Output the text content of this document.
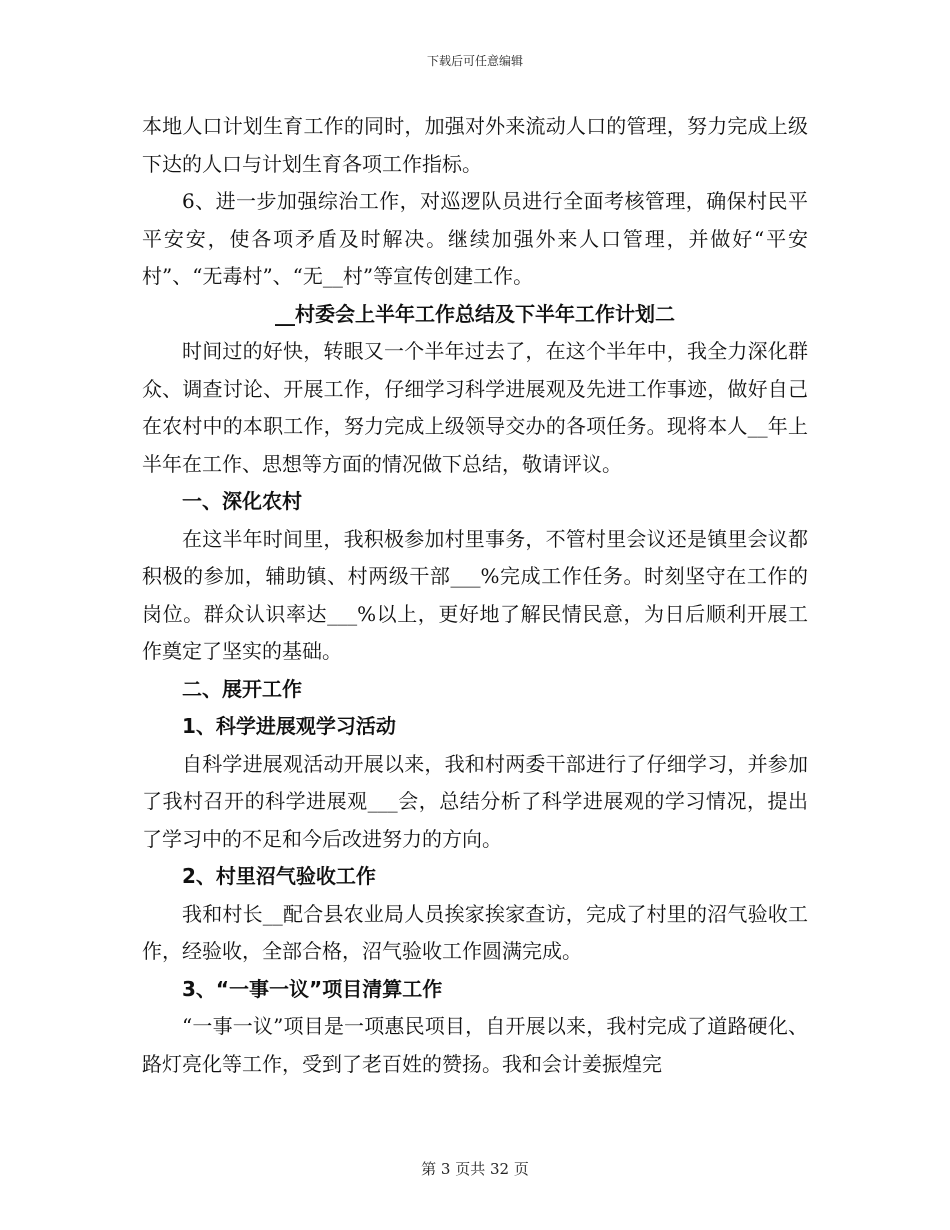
下载后可任意编辑

本地人口计划生育工作的同时，加强对外来流动人口的管理，努力完成上级下达的人口与计划生育各项工作指标。

6、进一步加强综治工作，对巡逻队员进行全面考核管理，确保村民平平安安，使各项矛盾及时解决。继续加强外来人口管理，并做好“平安村”、“无毒村”、“无__村”等宣传创建工作。

__村委会上半年工作总结及下半年工作计划二

时间过的好快，转眼又一个半年过去了，在这个半年中，我全力深化群众、调查讨论、开展工作，仔细学习科学进展观及先进工作事迹，做好自己在农村中的本职工作，努力完成上级领导交办的各项任务。现将本人__年上半年在工作、思想等方面的情况做下总结，敬请评议。

一、深化农村

在这半年时间里，我积极参加村里事务，不管村里会议还是镇里会议都积极的参加，辅助镇、村两级干部___%完成工作任务。时刻坚守在工作的岗位。群众认识率达___%以上，更好地了解民情民意，为日后顺利开展工作奠定了坚实的基础。

二、展开工作

1、科学进展观学习活动

自科学进展观活动开展以来，我和村两委干部进行了仔细学习，并参加了我村召开的科学进展观___会，总结分析了科学进展观的学习情况，提出了学习中的不足和今后改进努力的方向。

2、村里沼气验收工作

我和村长__配合县农业局人员挨家挨家查访，完成了村里的沼气验收工作，经验收，全部合格，沼气验收工作圆满完成。

3、“一事一议”项目清算工作

“一事一议”项目是一项惠民项目，自开展以来，我村完成了道路硬化、路灯亮化等工作，受到了老百姓的赞扬。我和会计姜振煌完

第 3 页共 32 页
